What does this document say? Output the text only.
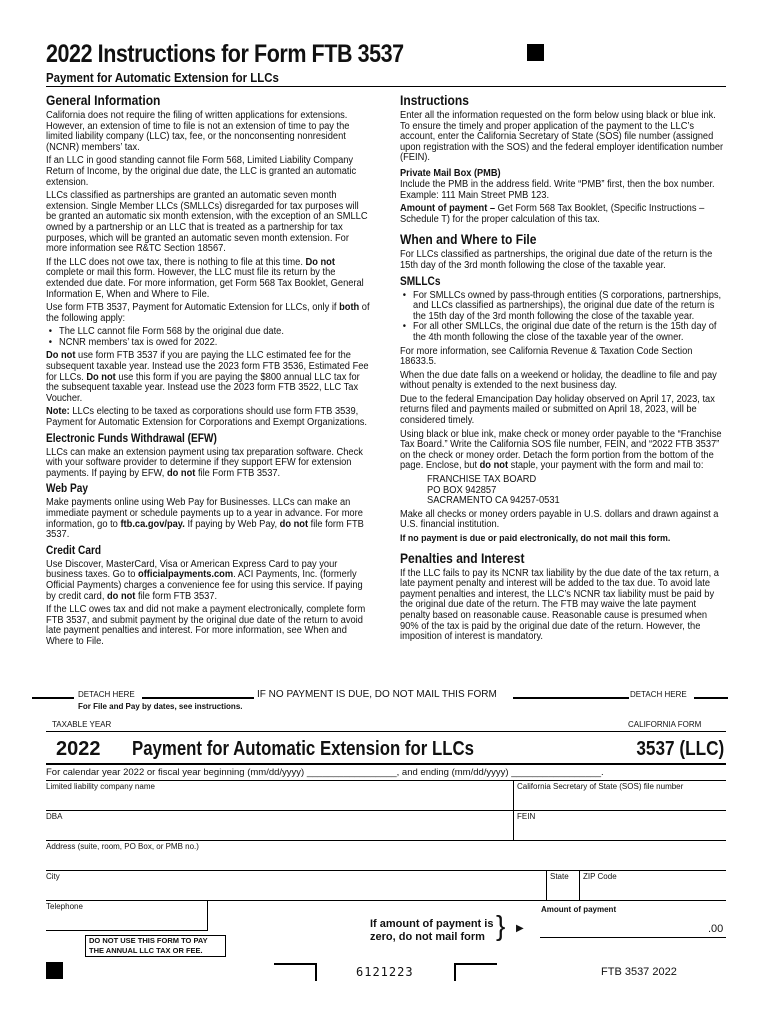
2022 Instructions for Form FTB 3537
Payment for Automatic Extension for LLCs
General Information

California does not require the filing of written applications for extensions. However, an extension of time to file is not an extension of time to pay the limited liability company (LLC) tax, fee, or the nonconsenting nonresident (NCNR) members’ tax.

If an LLC in good standing cannot file Form 568, Limited Liability Company Return of Income, by the original due date, the LLC is granted an automatic extension.

LLCs classified as partnerships are granted an automatic seven month extension. Single Member LLCs (SMLLCs) disregarded for tax purposes will be granted an automatic six month extension, with the exception of an SMLLC owned by a partnership or an LLC that is treated as a partnership for tax purposes, which will be granted an automatic seven month extension. For more information see R&TC Section 18567.

If the LLC does not owe tax, there is nothing to file at this time. Do not complete or mail this form. However, the LLC must file its return by the extended due date. For more information, get Form 568 Tax Booklet, General Information E, When and Where to File.

Use form FTB 3537, Payment for Automatic Extension for LLCs, only if both of the following apply:

• The LLC cannot file Form 568 by the original due date.
• NCNR members’ tax is owed for 2022.

Do not use form FTB 3537 if you are paying the LLC estimated fee for the subsequent taxable year. Instead use the 2023 form FTB 3536, Estimated Fee for LLCs. Do not use this form if you are paying the $800 annual LLC tax for the subsequent taxable year. Instead use the 2023 form FTB 3522, LLC Tax Voucher.

Note: LLCs electing to be taxed as corporations should use form FTB 3539, Payment for Automatic Extension for Corporations and Exempt Organizations.

Electronic Funds Withdrawal (EFW)

LLCs can make an extension payment using tax preparation software. Check with your software provider to determine if they support EFW for extension payments. If paying by EFW, do not file Form FTB 3537.

Web Pay

Make payments online using Web Pay for Businesses. LLCs can make an immediate payment or schedule payments up to a year in advance. For more information, go to ftb.ca.gov/pay. If paying by Web Pay, do not file form FTB 3537.

Credit Card

Use Discover, MasterCard, Visa or American Express Card to pay your business taxes. Go to officialpayments.com. ACI Payments, Inc. (formerly Official Payments) charges a convenience fee for using this service. If paying by credit card, do not file form FTB 3537.

If the LLC owes tax and did not make a payment electronically, complete form FTB 3537, and submit payment by the original due date of the return to avoid late payment penalties and interest. For more information, see When and Where to File.

Instructions

Enter all the information requested on the form below using black or blue ink. To ensure the timely and proper application of the payment to the LLC’s account, enter the California Secretary of State (SOS) file number (assigned upon registration with the SOS) and the federal employer identification number (FEIN).

Private Mail Box (PMB)

Include the PMB in the address field. Write “PMB” first, then the box number. Example: 111 Main Street PMB 123.

Amount of payment – Get Form 568 Tax Booklet, (Specific Instructions – Schedule T) for the proper calculation of this tax.

When and Where to File

For LLCs classified as partnerships, the original due date of the return is the 15th day of the 3rd month following the close of the taxable year.

SMLLCs
• For SMLLCs owned by pass-through entities (S corporations, partnerships, and LLCs classified as partnerships), the original due date of the return is the 15th day of the 3rd month following the close of the taxable year.
• For all other SMLLCs, the original due date of the return is the 15th day of the 4th month following the close of the taxable year of the owner.

For more information, see California Revenue & Taxation Code Section 18633.5.

When the due date falls on a weekend or holiday, the deadline to file and pay without penalty is extended to the next business day.

Due to the federal Emancipation Day holiday observed on April 17, 2023, tax returns filed and payments mailed or submitted on April 18, 2023, will be considered timely.

Using black or blue ink, make check or money order payable to the “Franchise Tax Board.” Write the California SOS file number, FEIN, and “2022 FTB 3537” on the check or money order. Detach the form portion from the bottom of the page. Enclose, but do not staple, your payment with the form and mail to:

FRANCHISE TAX BOARD

PO BOX 942857

SACRAMENTO CA 94257-0531

Make all checks or money orders payable in U.S. dollars and drawn against a U.S. financial institution.

If no payment is due or paid electronically, do not mail this form.

Penalties and Interest

If the LLC fails to pay its NCNR tax liability by the due date of the tax return, a late payment penalty and interest will be added to the tax due. To avoid late payment penalties and interest, the LLC’s NCNR tax liability must be paid by the original due date of the return. The FTB may waive the late payment penalty based on reasonable cause. Reasonable cause is presumed when 90% of the tax is paid by the original due date of the return. However, the imposition of interest is mandatory.

DETACH HERE	IF NO PAYMENT IS DUE, DO NOT MAIL THIS FORM	DETACH HERE
For File and Pay by dates, see instructions.
TAXABLE YEAR	CALIFORNIA FORM
2022 Payment for Automatic Extension for LLCs	3537 (LLC)
For calendar year 2022 or fiscal year beginning (mm/dd/yyyy) _________________, and ending (mm/dd/yyyy) _________________.
Limited liability company name	California Secretary of State (SOS) file number
DBA	FEIN
Address (suite, room, PO Box, or PMB no.)
City	State ZIP Code
Telephone	Amount of payment
DO NOT USE THIS FORM TO PAY THE ANNUAL LLC TAX OR FEE.
If amount of payment is
zero, do not mail form } ▶	.00
6121223	FTB 3537 2022
